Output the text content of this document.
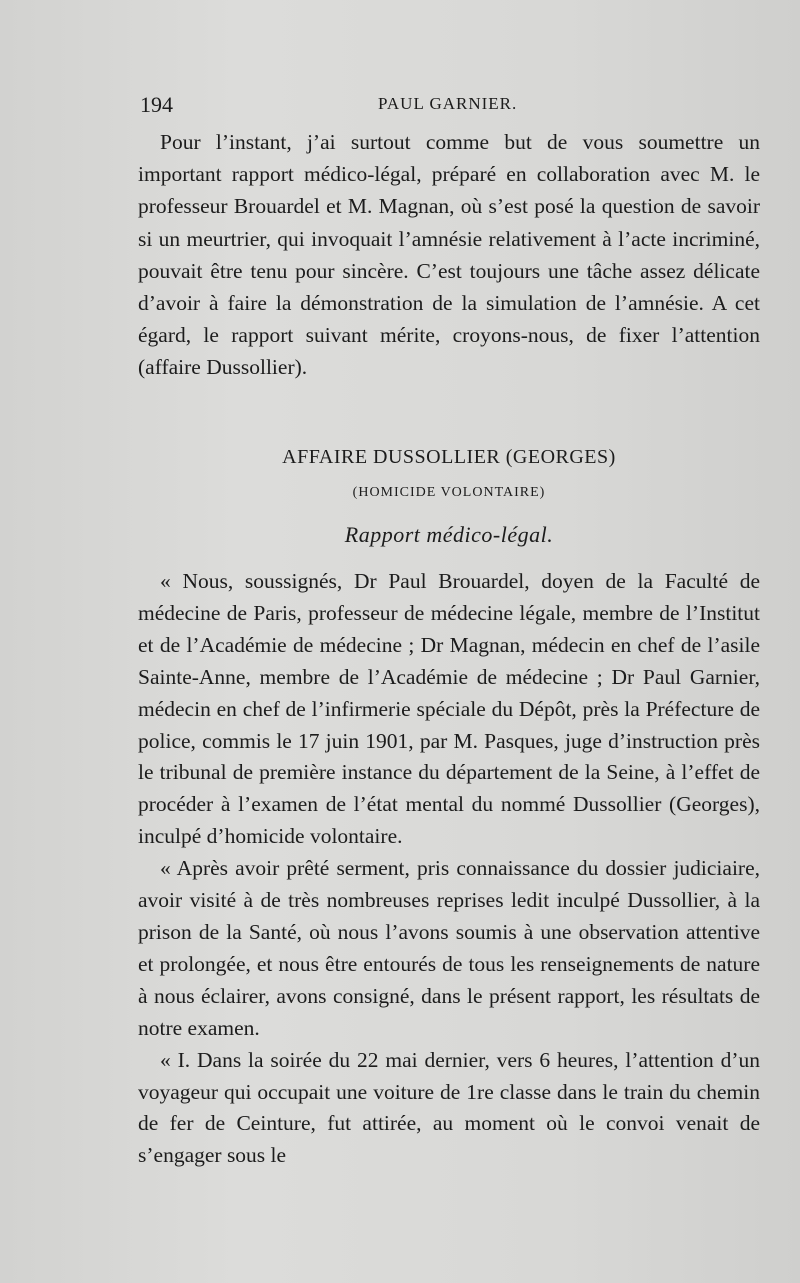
194	PAUL GARNIER.

Pour l’instant, j’ai surtout comme but de vous soumettre un important rapport médico-légal, préparé en collaboration avec M. le professeur Brouardel et M. Magnan, où s’est posé la question de savoir si un meurtrier, qui invoquait l’amnésie relativement à l’acte incriminé, pouvait être tenu pour sincère. C’est toujours une tâche assez délicate d’avoir à faire la démonstration de la simulation de l’amnésie. A cet égard, le rapport suivant mérite, croyons-nous, de fixer l’attention (affaire Dussollier).

AFFAIRE DUSSOLLIER (GEORGES)
(HOMICIDE VOLONTAIRE)
Rapport médico-légal.

« Nous, soussignés, Dr Paul Brouardel, doyen de la Faculté de médecine de Paris, professeur de médecine légale, membre de l’Institut et de l’Académie de médecine ; Dr Magnan, médecin en chef de l’asile Sainte-Anne, membre de l’Académie de médecine ; Dr Paul Garnier, médecin en chef de l’infirmerie spéciale du Dépôt, près la Préfecture de police, commis le 17 juin 1901, par M. Pasques, juge d’instruction près le tribunal de première instance du département de la Seine, à l’effet de procéder à l’examen de l’état mental du nommé Dussollier (Georges), inculpé d’homicide volontaire.

« Après avoir prêté serment, pris connaissance du dossier judiciaire, avoir visité à de très nombreuses reprises ledit inculpé Dussollier, à la prison de la Santé, où nous l’avons soumis à une observation attentive et prolongée, et nous être entourés de tous les renseignements de nature à nous éclairer, avons consigné, dans le présent rapport, les résultats de notre examen.

« I. Dans la soirée du 22 mai dernier, vers 6 heures, l’attention d’un voyageur qui occupait une voiture de 1re classe dans le train du chemin de fer de Ceinture, fut attirée, au moment où le convoi venait de s’engager sous le
